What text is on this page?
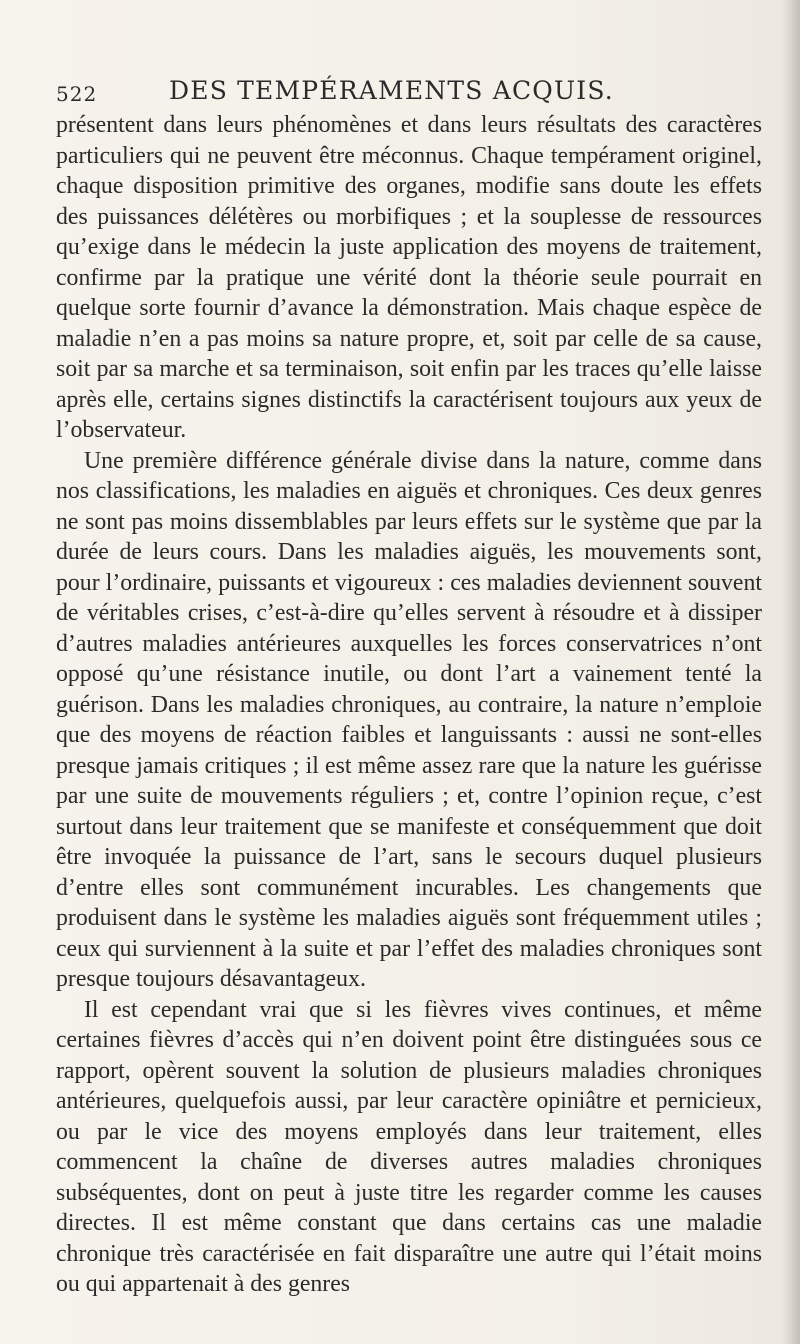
522	DES TEMPÉRAMENTS ACQUIS.

présentent dans leurs phénomènes et dans leurs résultats des caractères particuliers qui ne peuvent être méconnus. Chaque tempérament originel, chaque disposition primitive des organes, modifie sans doute les effets des puissances délétères ou morbifiques ; et la souplesse de ressources qu’exige dans le médecin la juste application des moyens de traitement, confirme par la pratique une vérité dont la théorie seule pourrait en quelque sorte fournir d’avance la démonstration. Mais chaque espèce de maladie n’en a pas moins sa nature propre, et, soit par celle de sa cause, soit par sa marche et sa terminaison, soit enfin par les traces qu’elle laisse après elle, certains signes distinctifs la caractérisent toujours aux yeux de l’observateur.

Une première différence générale divise dans la nature, comme dans nos classifications, les maladies en aiguës et chroniques. Ces deux genres ne sont pas moins dissemblables par leurs effets sur le système que par la durée de leurs cours. Dans les maladies aiguës, les mouvements sont, pour l’ordinaire, puissants et vigoureux : ces maladies deviennent souvent de véritables crises, c’est-à-dire qu’elles servent à résoudre et à dissiper d’autres maladies antérieures auxquelles les forces conservatrices n’ont opposé qu’une résistance inutile, ou dont l’art a vainement tenté la guérison. Dans les maladies chroniques, au contraire, la nature n’emploie que des moyens de réaction faibles et languissants : aussi ne sont-elles presque jamais critiques ; il est même assez rare que la nature les guérisse par une suite de mouvements réguliers ; et, contre l’opinion reçue, c’est surtout dans leur traitement que se manifeste et conséquemment que doit être invoquée la puissance de l’art, sans le secours duquel plusieurs d’entre elles sont communément incurables. Les changements que produisent dans le système les maladies aiguës sont fréquemment utiles ; ceux qui surviennent à la suite et par l’effet des maladies chroniques sont presque toujours désavantageux.

Il est cependant vrai que si les fièvres vives continues, et même certaines fièvres d’accès qui n’en doivent point être distinguées sous ce rapport, opèrent souvent la solution de plusieurs maladies chroniques antérieures, quelquefois aussi, par leur caractère opiniâtre et pernicieux, ou par le vice des moyens employés dans leur traitement, elles commencent la chaîne de diverses autres maladies chroniques subséquentes, dont on peut à juste titre les regarder comme les causes directes. Il est même constant que dans certains cas une maladie chronique très caractérisée en fait disparaître une autre qui l’était moins ou qui appartenait à des genres
